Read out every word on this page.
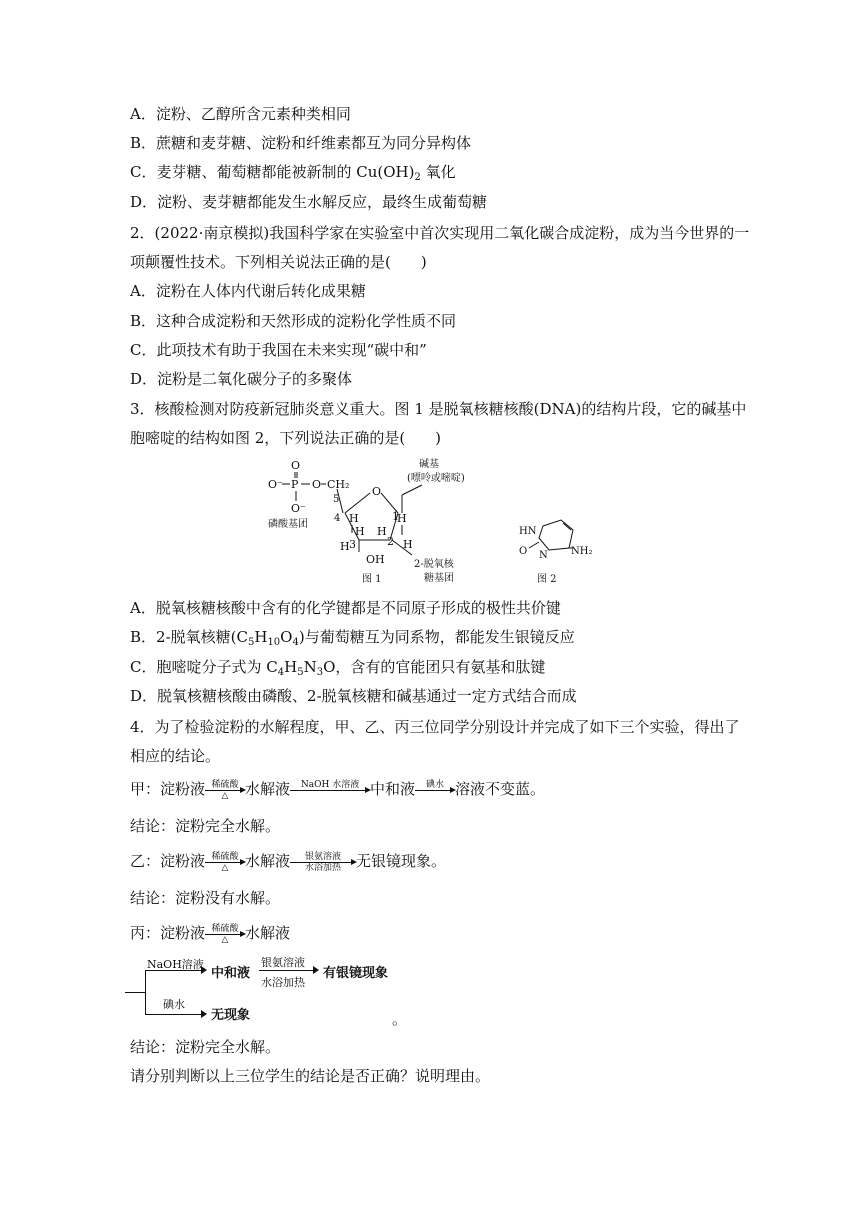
A．淀粉、乙醇所含元素种类相同
B．蔗糖和麦芽糖、淀粉和纤维素都互为同分异构体
C．麦芽糖、葡萄糖都能被新制的 $Cu(OH)_2$ 氧化
D．淀粉、麦芽糖都能发生水解反应，最终生成葡萄糖
2．(2022·南京模拟)我国科学家在实验室中首次实现用二氧化碳合成淀粉，成为当今世界的一
项颠覆性技术。下列相关说法正确的是(　　)
A．淀粉在人体内代谢后转化成果糖
B．这种合成淀粉和天然形成的淀粉化学性质不同
C．此项技术有助于我国在未来实现“碳中和”
D．淀粉是二氧化碳分子的多聚体
3．核酸检测对防疫新冠肺炎意义重大。图 1 是脱氧核糖核酸(DNA)的结构片段，它的碱基中
胞嘧啶的结构如图 2，下列说法正确的是(　　)
O
O⁻ P O CH₂
O⁻
磷酸基团
5
4
O
1
H	H
H H
3	2
H	H
OH	2-脱氧核
糖基团
图 1
碱基
(嘌呤或嘧啶)
HN
O N NH₂
图 2
A．脱氧核糖核酸中含有的化学键都是不同原子形成的极性共价键
B．2-脱氧核糖$(C_5H_{10}O_4)$与葡萄糖互为同系物，都能发生银镜反应
C．胞嘧啶分子式为 $C_4H_5N_3O$，含有的官能团只有氨基和肽键
D．脱氧核糖核酸由磷酸、2-脱氧核糖和碱基通过一定方式结合而成
4．为了检验淀粉的水解程度，甲、乙、丙三位同学分别设计并完成了如下三个实验，得出了
相应的结论。
甲：淀粉液 稀硫酸
△	水解液	NaOH 水溶液
中和液	碘水
溶液不变蓝。
结论：淀粉完全水解。
乙：淀粉液 稀硫酸
△	水解液	银氨溶液
水浴加热	无银镜现象。
结论：淀粉没有水解。
丙：淀粉液 稀硫酸
△	水解液
NaOH溶液
中和液
银氨溶液
水浴加热
有银镜现象
碘水
无现象	。
结论：淀粉完全水解。
请分别判断以上三位学生的结论是否正确？说明理由。
